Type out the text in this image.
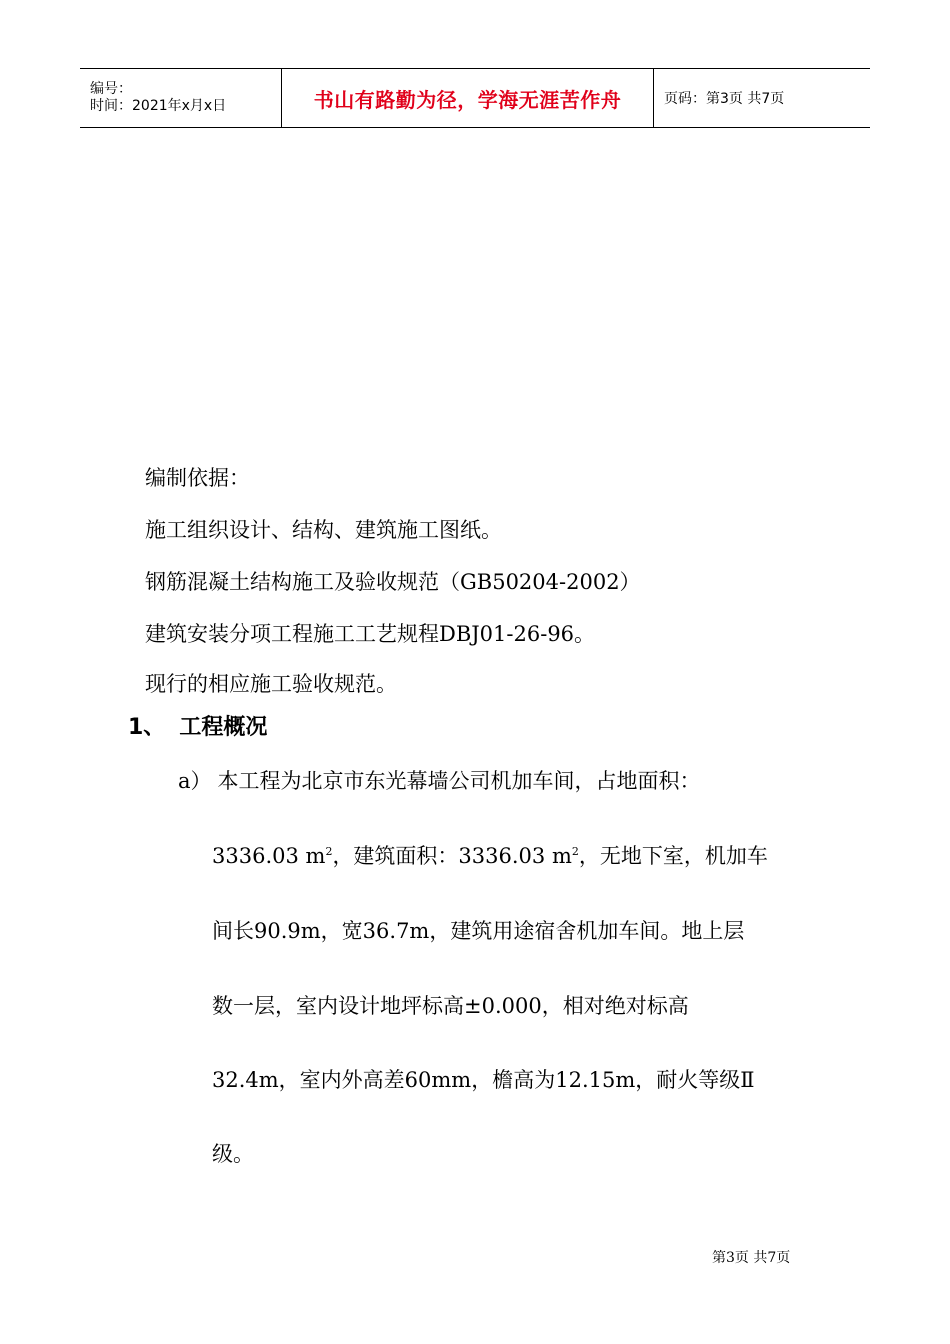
编号：
时间：2021年x月x日	书山有路勤为径，学海无涯苦作舟	页码：第3页 共7页
编制依据：
施工组织设计、结构、建筑施工图纸。
钢筋混凝土结构施工及验收规范（GB50204-2002）
建筑安装分项工程施工工艺规程DBJ01-26-96。
现行的相应施工验收规范。
1、 工程概况
a） 本工程为北京市东光幕墙公司机加车间，占地面积：
3336.03 $m^2$，建筑面积：3336.03 $m^2$，无地下室，机加车
间长90.9m，宽36.7m，建筑用途宿舍机加车间。地上层
数一层，室内设计地坪标高±0.000，相对绝对标高
32.4m，室内外高差60mm，檐高为12.15m，耐火等级Ⅱ
级。
第3页 共7页
